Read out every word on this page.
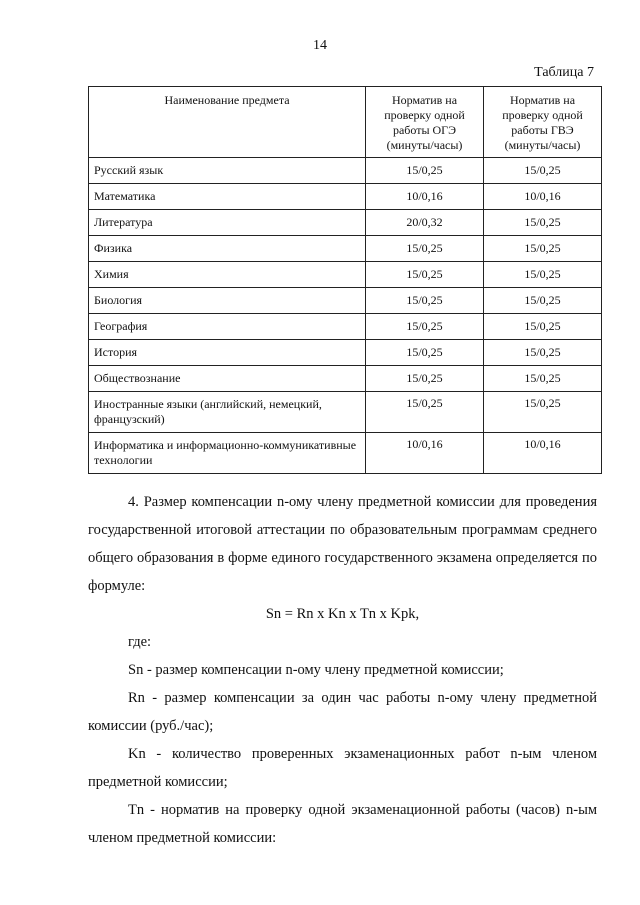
14
Таблица 7
Наименование предмета	Норматив на проверку одной работы ОГЭ (минуты/часы)	Норматив на проверку одной работы ГВЭ (минуты/часы)
Русский язык	15/0,25	15/0,25
Математика	10/0,16	10/0,16
Литература	20/0,32	15/0,25
Физика	15/0,25	15/0,25
Химия	15/0,25	15/0,25
Биология	15/0,25	15/0,25
География	15/0,25	15/0,25
История	15/0,25	15/0,25
Обществознание	15/0,25	15/0,25
Иностранные языки (английский, немецкий, французский)	15/0,25	15/0,25
Информатика и информационно-коммуникативные технологии	10/0,16	10/0,16

4. Размер компенсации n-ому члену предметной комиссии для проведения государственной итоговой аттестации по образовательным программам среднего общего образования в форме единого государственного экзамена определяется по формуле:

Sn = Rn x Kn x Tn x Kpk,

где:

Sn - размер компенсации n-ому члену предметной комиссии;

Rn - размер компенсации за один час работы n-ому члену предметной комиссии (руб./час);

Kn - количество проверенных экзаменационных работ n-ым членом предметной комиссии;

Tn - норматив на проверку одной экзаменационной работы (часов) n-ым членом предметной комиссии:
